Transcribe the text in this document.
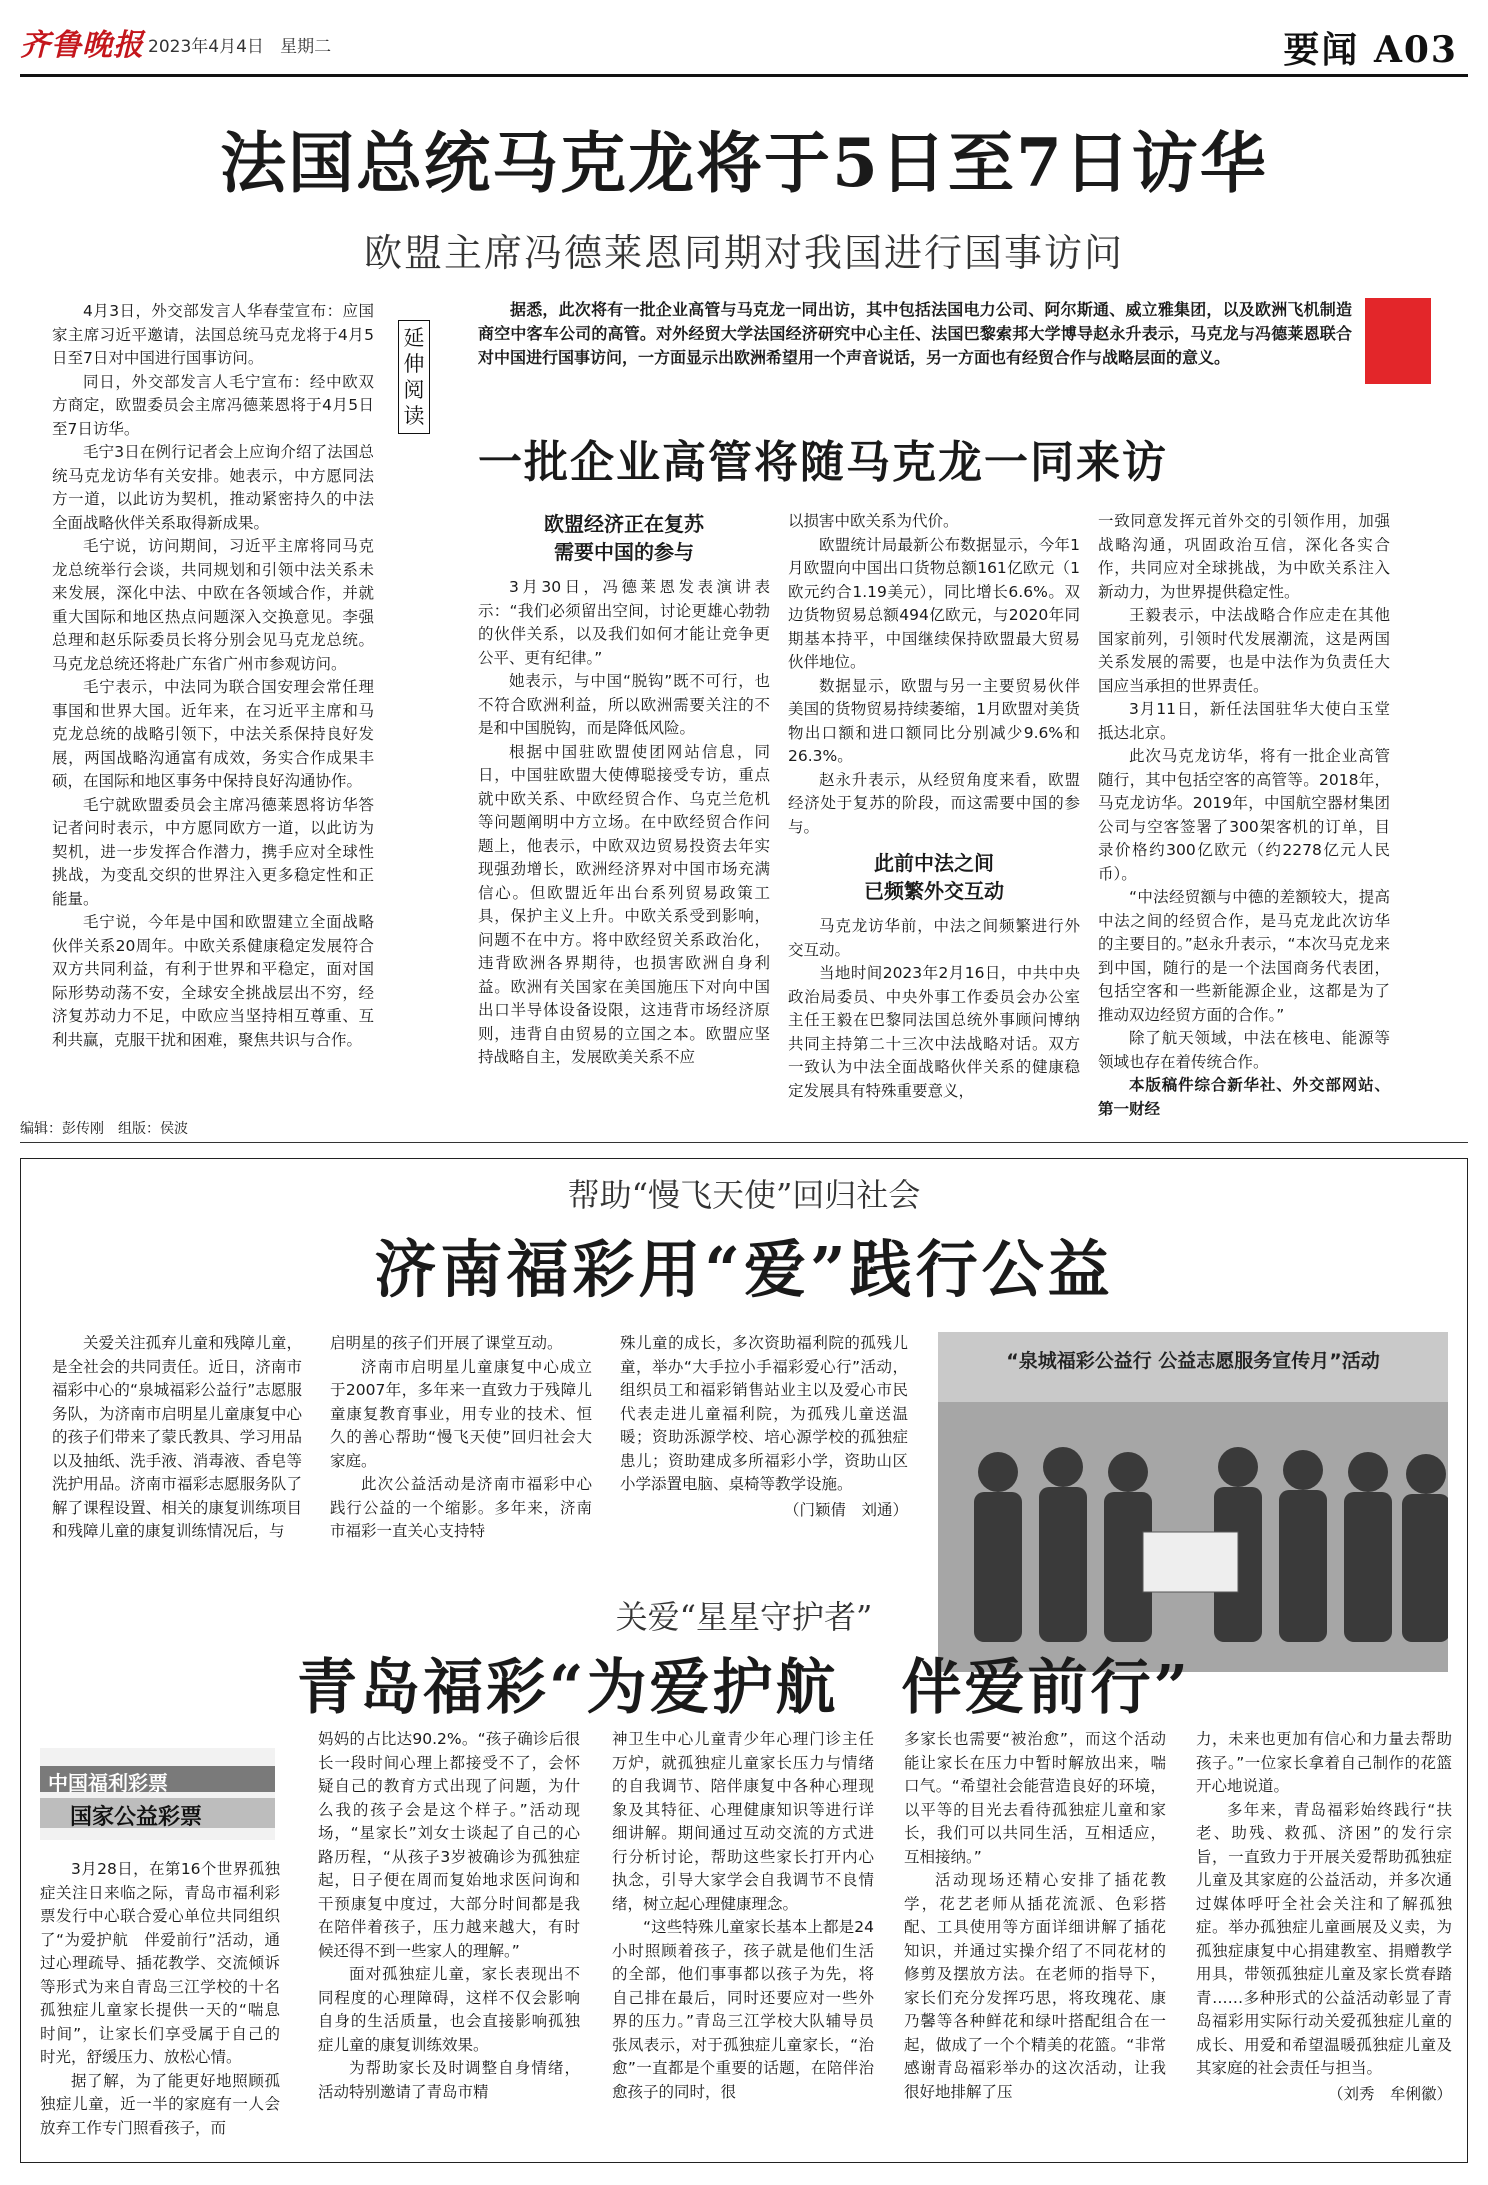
齐鲁晚报 2023年4月4日 星期二	要闻 A03
法国总统马克龙将于5日至7日访华
欧盟主席冯德莱恩同期对我国进行国事访问

4月3日，外交部发言人华春莹宣布：应国家主席习近平邀请，法国总统马克龙将于4月5日至7日对中国进行国事访问。

同日，外交部发言人毛宁宣布：经中欧双方商定，欧盟委员会主席冯德莱恩将于4月5日至7日访华。

毛宁3日在例行记者会上应询介绍了法国总统马克龙访华有关安排。她表示，中方愿同法方一道，以此访为契机，推动紧密持久的中法全面战略伙伴关系取得新成果。

毛宁说，访问期间，习近平主席将同马克龙总统举行会谈，共同规划和引领中法关系未来发展，深化中法、中欧在各领域合作，并就重大国际和地区热点问题深入交换意见。李强总理和赵乐际委员长将分别会见马克龙总统。马克龙总统还将赴广东省广州市参观访问。

毛宁表示，中法同为联合国安理会常任理事国和世界大国。近年来，在习近平主席和马克龙总统的战略引领下，中法关系保持良好发展，两国战略沟通富有成效，务实合作成果丰硕，在国际和地区事务中保持良好沟通协作。

毛宁就欧盟委员会主席冯德莱恩将访华答记者问时表示，中方愿同欧方一道，以此访为契机，进一步发挥合作潜力，携手应对全球性挑战，为变乱交织的世界注入更多稳定性和正能量。

毛宁说，今年是中国和欧盟建立全面战略伙伴关系20周年。中欧关系健康稳定发展符合双方共同利益，有利于世界和平稳定，面对国际形势动荡不安，全球安全挑战层出不穷，经济复苏动力不足，中欧应当坚持相互尊重、互利共赢，克服干扰和困难，聚焦共识与合作。

延伸阅读

据悉，此次将有一批企业高管与马克龙一同出访，其中包括法国电力公司、阿尔斯通、威立雅集团，以及欧洲飞机制造商空中客车公司的高管。对外经贸大学法国经济研究中心主任、法国巴黎索邦大学博导赵永升表示，马克龙与冯德莱恩联合对中国进行国事访问，一方面显示出欧洲希望用一个声音说话，另一方面也有经贸合作与战略层面的意义。

一批企业高管将随马克龙一同来访
欧盟经济正在复苏
需要中国的参与

3月30日，冯德莱恩发表演讲表示：“我们必须留出空间，讨论更雄心勃勃的伙伴关系，以及我们如何才能让竞争更公平、更有纪律。”

她表示，与中国“脱钩”既不可行，也不符合欧洲利益，所以欧洲需要关注的不是和中国脱钩，而是降低风险。

根据中国驻欧盟使团网站信息，同日，中国驻欧盟大使傅聪接受专访，重点就中欧关系、中欧经贸合作、乌克兰危机等问题阐明中方立场。在中欧经贸合作问题上，他表示，中欧双边贸易投资去年实现强劲增长，欧洲经济界对中国市场充满信心。但欧盟近年出台系列贸易政策工具，保护主义上升。中欧关系受到影响，问题不在中方。将中欧经贸关系政治化，违背欧洲各界期待，也损害欧洲自身利益。欧洲有关国家在美国施压下对向中国出口半导体设备设限，这违背市场经济原则，违背自由贸易的立国之本。欧盟应坚持战略自主，发展欧美关系不应

以损害中欧关系为代价。

欧盟统计局最新公布数据显示，今年1月欧盟向中国出口货物总额161亿欧元（1欧元约合1.19美元），同比增长6.6%。双边货物贸易总额494亿欧元，与2020年同期基本持平，中国继续保持欧盟最大贸易伙伴地位。

数据显示，欧盟与另一主要贸易伙伴美国的货物贸易持续萎缩，1月欧盟对美货物出口额和进口额同比分别减少9.6%和26.3%。

赵永升表示，从经贸角度来看，欧盟经济处于复苏的阶段，而这需要中国的参与。

此前中法之间
已频繁外交互动

马克龙访华前，中法之间频繁进行外交互动。

当地时间2023年2月16日，中共中央政治局委员、中央外事工作委员会办公室主任王毅在巴黎同法国总统外事顾问博纳共同主持第二十三次中法战略对话。双方一致认为中法全面战略伙伴关系的健康稳定发展具有特殊重要意义，

一致同意发挥元首外交的引领作用，加强战略沟通，巩固政治互信，深化各实合作，共同应对全球挑战，为中欧关系注入新动力，为世界提供稳定性。

王毅表示，中法战略合作应走在其他国家前列，引领时代发展潮流，这是两国关系发展的需要，也是中法作为负责任大国应当承担的世界责任。

3月11日，新任法国驻华大使白玉堂抵达北京。

此次马克龙访华，将有一批企业高管随行，其中包括空客的高管等。2018年，马克龙访华。2019年，中国航空器材集团公司与空客签署了300架客机的订单，目录价格约300亿欧元（约2278亿元人民币）。

“中法经贸额与中德的差额较大，提高中法之间的经贸合作，是马克龙此次访华的主要目的。”赵永升表示，“本次马克龙来到中国，随行的是一个法国商务代表团，包括空客和一些新能源企业，这都是为了推动双边经贸方面的合作。”

除了航天领域，中法在核电、能源等领域也存在着传统合作。

本版稿件综合新华社、外交部网站、第一财经

编辑：彭传刚　组版：侯波
帮助“慢飞天使”回归社会
济南福彩用“爱”践行公益

关爱关注孤弃儿童和残障儿童，是全社会的共同责任。近日，济南市福彩中心的“泉城福彩公益行”志愿服务队，为济南市启明星儿童康复中心的孩子们带来了蒙氏教具、学习用品以及抽纸、洗手液、消毒液、香皂等洗护用品。济南市福彩志愿服务队了解了课程设置、相关的康复训练项目和残障儿童的康复训练情况后，与

启明星的孩子们开展了课堂互动。

济南市启明星儿童康复中心成立于2007年，多年来一直致力于残障儿童康复教育事业，用专业的技术、恒久的善心帮助“慢飞天使”回归社会大家庭。

此次公益活动是济南市福彩中心践行公益的一个缩影。多年来，济南市福彩一直关心支持特

殊儿童的成长，多次资助福利院的孤残儿童，举办“大手拉小手福彩爱心行”活动，组织员工和福彩销售站业主以及爱心市民代表走进儿童福利院，为孤残儿童送温暖；资助泺源学校、培心源学校的孤独症患儿；资助建成多所福彩小学，资助山区小学添置电脑、桌椅等教学设施。

（门颖倩　刘通）

“泉城福彩公益行 公益志愿服务宣传月”活动
关爱“星星守护者”
青岛福彩“为爱护航　伴爱前行”
中国福利彩票
国家公益彩票

3月28日，在第16个世界孤独症关注日来临之际，青岛市福利彩票发行中心联合爱心单位共同组织了“为爱护航　伴爱前行”活动，通过心理疏导、插花教学、交流倾诉等形式为来自青岛三江学校的十名孤独症儿童家长提供一天的“喘息时间”，让家长们享受属于自己的时光，舒缓压力、放松心情。

据了解，为了能更好地照顾孤独症儿童，近一半的家庭有一人会放弃工作专门照看孩子，而

妈妈的占比达90.2%。“孩子确诊后很长一段时间心理上都接受不了，会怀疑自己的教育方式出现了问题，为什么我的孩子会是这个样子。”活动现场，“星家长”刘女士谈起了自己的心路历程，“从孩子3岁被确诊为孤独症起，日子便在周而复始地求医问询和干预康复中度过，大部分时间都是我在陪伴着孩子，压力越来越大，有时候还得不到一些家人的理解。”

面对孤独症儿童，家长表现出不同程度的心理障碍，这样不仅会影响自身的生活质量，也会直接影响孤独症儿童的康复训练效果。

为帮助家长及时调整自身情绪，活动特别邀请了青岛市精

神卫生中心儿童青少年心理门诊主任万炉，就孤独症儿童家长压力与情绪的自我调节、陪伴康复中各种心理现象及其特征、心理健康知识等进行详细讲解。期间通过互动交流的方式进行分析讨论，帮助这些家长打开内心执念，引导大家学会自我调节不良情绪，树立起心理健康理念。

“这些特殊儿童家长基本上都是24小时照顾着孩子，孩子就是他们生活的全部，他们事事都以孩子为先，将自己排在最后，同时还要应对一些外界的压力。”青岛三江学校大队辅导员张凤表示，对于孤独症儿童家长，“治愈”一直都是个重要的话题，在陪伴治愈孩子的同时，很

多家长也需要“被治愈”，而这个活动能让家长在压力中暂时解放出来，喘口气。“希望社会能营造良好的环境，以平等的目光去看待孤独症儿童和家长，我们可以共同生活，互相适应，互相接纳。”

活动现场还精心安排了插花教学，花艺老师从插花流派、色彩搭配、工具使用等方面详细讲解了插花知识，并通过实操介绍了不同花材的修剪及摆放方法。在老师的指导下，家长们充分发挥巧思，将玫瑰花、康乃馨等各种鲜花和绿叶搭配组合在一起，做成了一个个精美的花篮。“非常感谢青岛福彩举办的这次活动，让我很好地排解了压

力，未来也更加有信心和力量去帮助孩子。”一位家长拿着自己制作的花篮开心地说道。

多年来，青岛福彩始终践行“扶老、助残、救孤、济困”的发行宗旨，一直致力于开展关爱帮助孤独症儿童及其家庭的公益活动，并多次通过媒体呼吁全社会关注和了解孤独症。举办孤独症儿童画展及义卖，为孤独症康复中心捐建教室、捐赠教学用具，带领孤独症儿童及家长赏春踏青……多种形式的公益活动彰显了青岛福彩用实际行动关爱孤独症儿童的成长、用爱和希望温暖孤独症儿童及其家庭的社会责任与担当。

（刘秀　牟俐徽）
